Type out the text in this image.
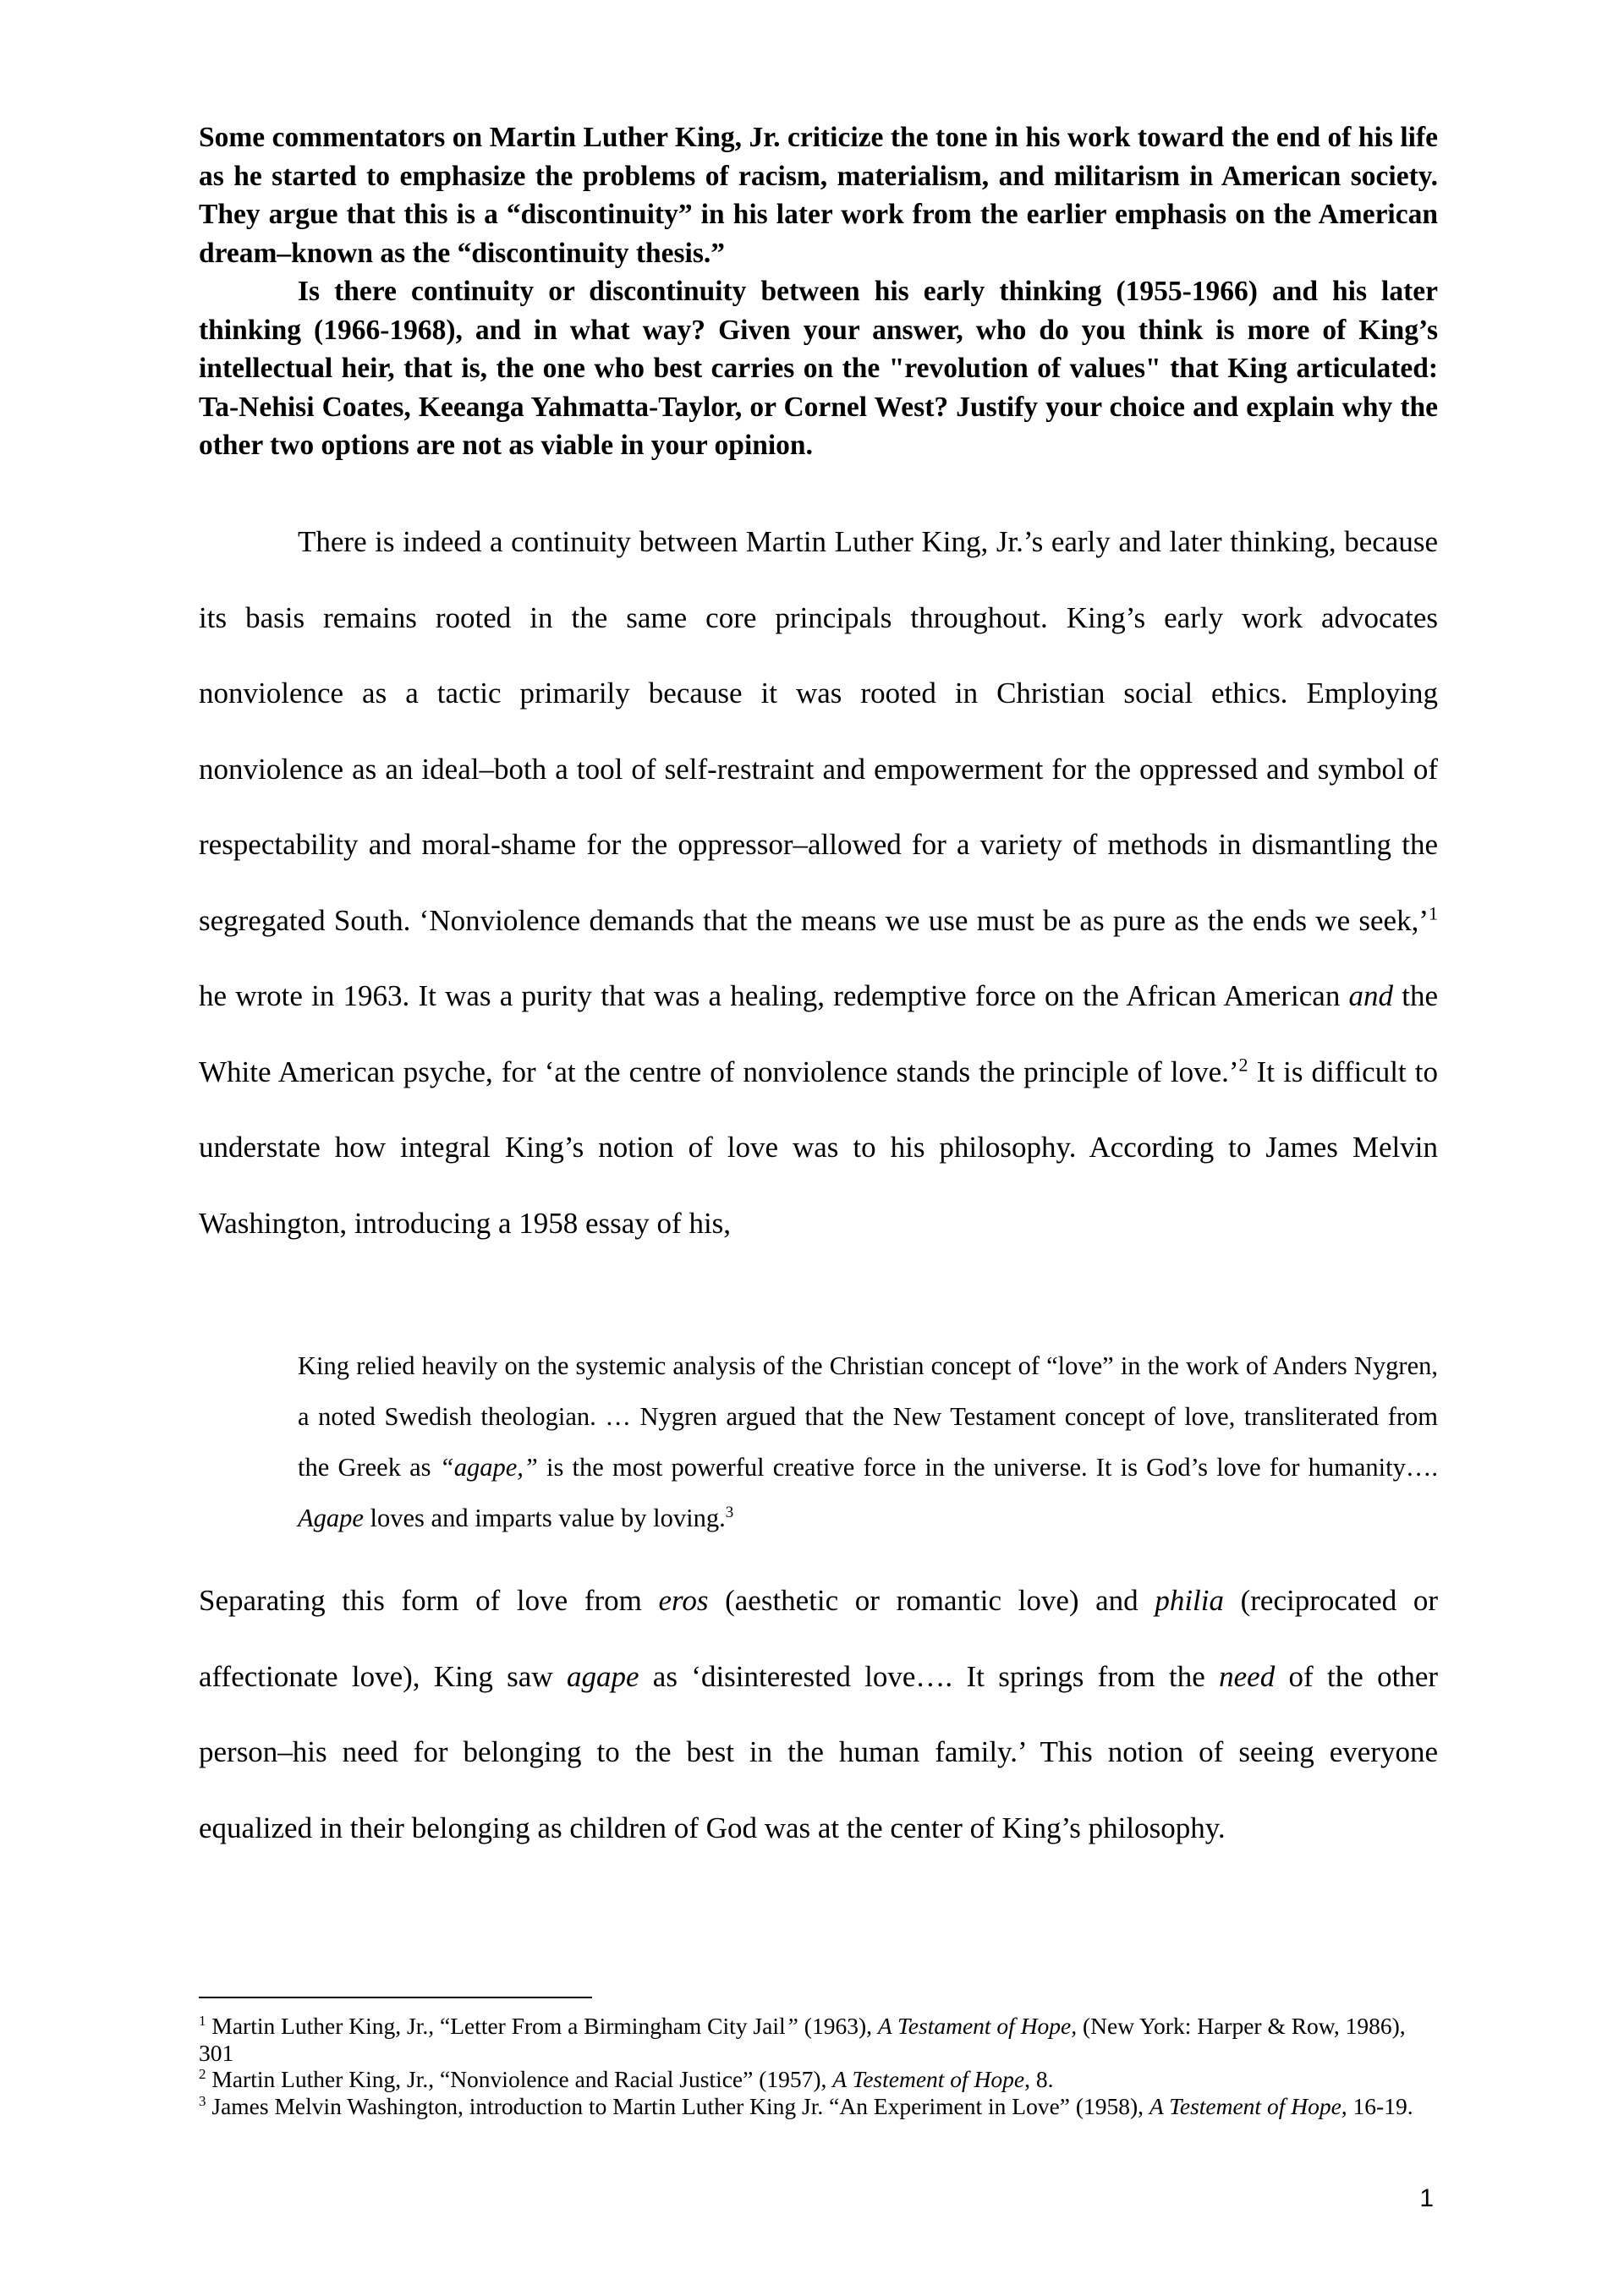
Some commentators on Martin Luther King, Jr. criticize the tone in his work toward the end of his life as he started to emphasize the problems of racism, materialism, and militarism in American society. They argue that this is a “discontinuity” in his later work from the earlier emphasis on the American dream–known as the “discontinuity thesis.”

Is there continuity or discontinuity between his early thinking (1955-1966) and his later thinking (1966-1968), and in what way? Given your answer, who do you think is more of King’s intellectual heir, that is, the one who best carries on the "revolution of values" that King articulated: Ta-Nehisi Coates, Keeanga Yahmatta-Taylor, or Cornel West? Justify your choice and explain why the other two options are not as viable in your opinion.

There is indeed a continuity between Martin Luther King, Jr.’s early and later thinking, because its basis remains rooted in the same core principals throughout. King’s early work advocates nonviolence as a tactic primarily because it was rooted in Christian social ethics. Employing nonviolence as an ideal–both a tool of self-restraint and empowerment for the oppressed and symbol of respectability and moral-shame for the oppressor–allowed for a variety of methods in dismantling the segregated South. ‘Nonviolence demands that the means we use must be as pure as the ends we seek,’$^1$ he wrote in 1963. It was a purity that was a healing, redemptive force on the African American and the White American psyche, for ‘at the centre of nonviolence stands the principle of love.’$^2$ It is difficult to understate how integral King’s notion of love was to his philosophy. According to James Melvin Washington, introducing a 1958 essay of his,

King relied heavily on the systemic analysis of the Christian concept of “love” in the work of Anders Nygren, a noted Swedish theologian. … Nygren argued that the New Testament concept of love, transliterated from the Greek as “agape,” is the most powerful creative force in the universe. It is God’s love for humanity…. Agape loves and imparts value by loving.$^3$

Separating this form of love from eros (aesthetic or romantic love) and philia (reciprocated or affectionate love), King saw agape as ‘disinterested love…. It springs from the need of the other person–his need for belonging to the best in the human family.’ This notion of seeing everyone equalized in their belonging as children of God was at the center of King’s philosophy.

$^1$ Martin Luther King, Jr., “Letter From a Birmingham City Jail” (1963), A Testament of Hope, (New York: Harper & Row, 1986), 301

$^2$ Martin Luther King, Jr., “Nonviolence and Racial Justice” (1957), A Testement of Hope, 8.

$^3$ James Melvin Washington, introduction to Martin Luther King Jr. “An Experiment in Love” (1958), A Testement of Hope, 16-19.

1
